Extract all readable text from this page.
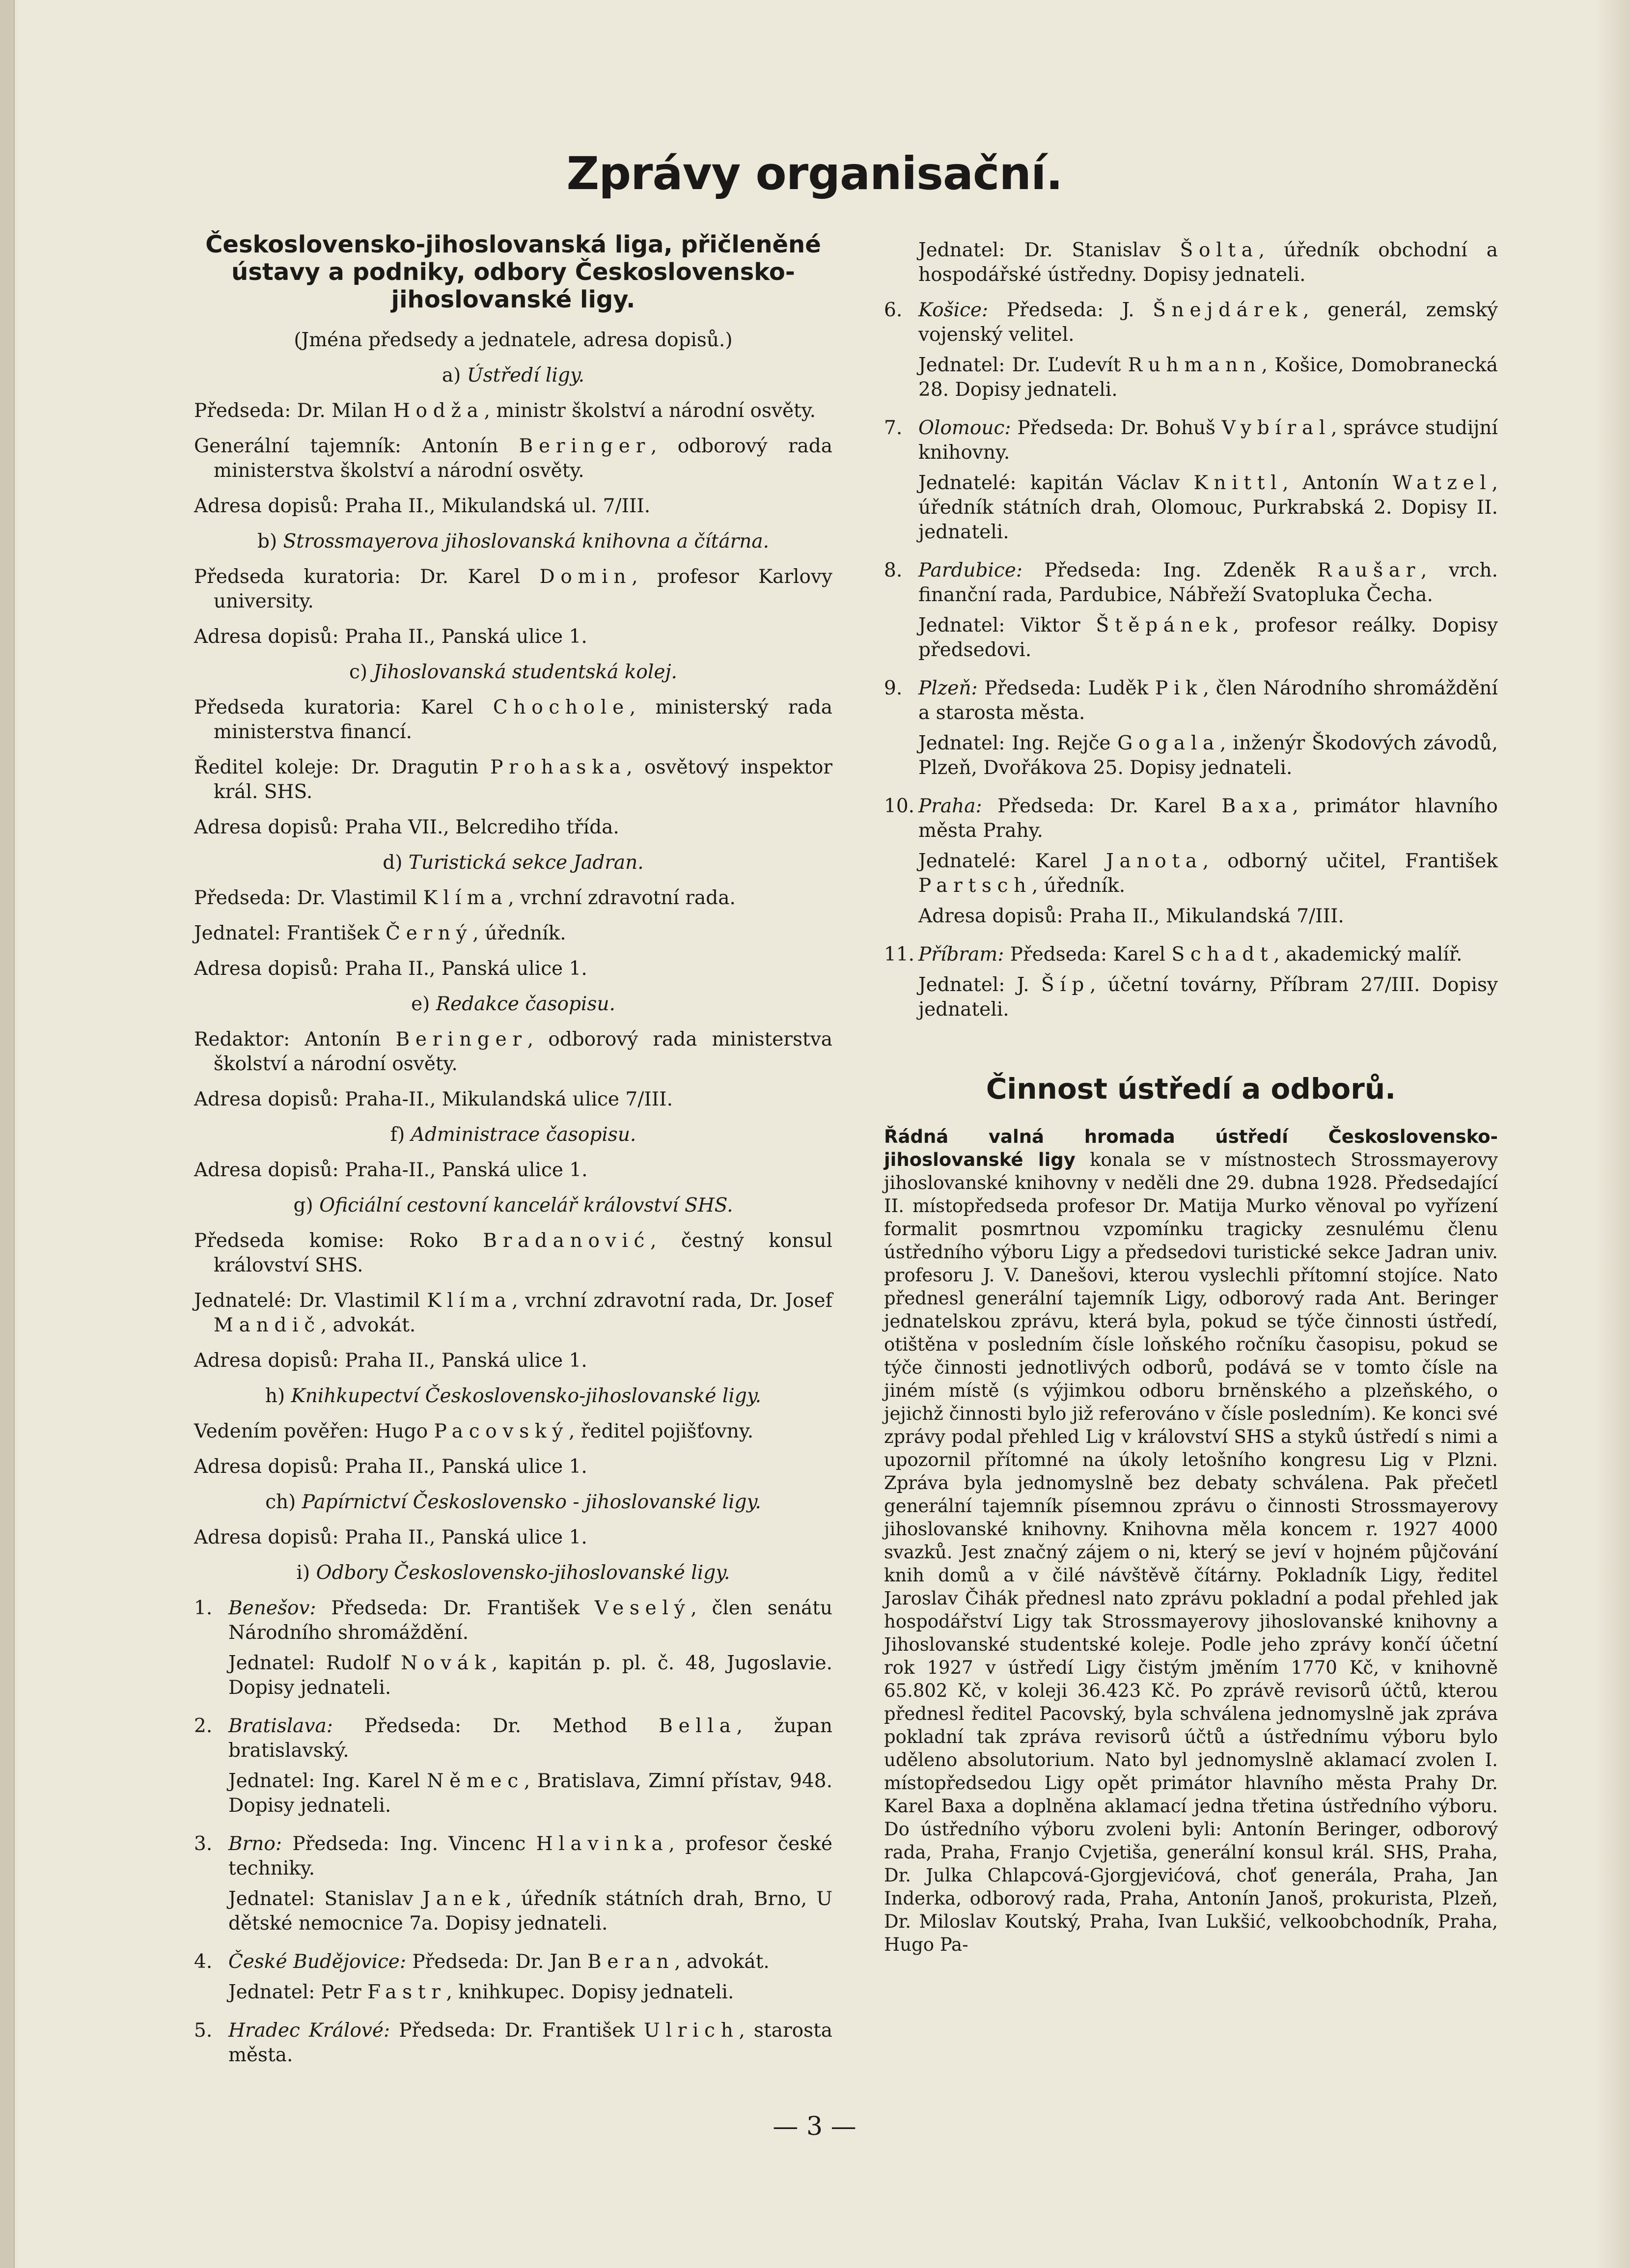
Zprávy organisační.
Československo-jihoslovanská liga, přičleněné ústavy a podniky, odbory Československo-jihoslovanské ligy.
(Jména předsedy a jednatele, adresa dopisů.)
a) Ústředí ligy.
Předseda: Dr. Milan Hodža, ministr školství a národní osvěty.
Generální tajemník: Antonín Beringer, odborový rada ministerstva školství a národní osvěty.
Adresa dopisů: Praha II., Mikulandská ul. 7/III.
b) Strossmayerova jihoslovanská knihovna a čítárna.
Předseda kuratoria: Dr. Karel Domin, profesor Karlovy university.
Adresa dopisů: Praha II., Panská ulice 1.
c) Jihoslovanská studentská kolej.
Předseda kuratoria: Karel Chochole, ministerský rada ministerstva financí.
Ředitel koleje: Dr. Dragutin Prohaska, osvětový inspektor král. SHS.
Adresa dopisů: Praha VII., Belcrediho třída.
d) Turistická sekce Jadran.
Předseda: Dr. Vlastimil Klíma, vrchní zdravotní rada.
Jednatel: František Černý, úředník.
Adresa dopisů: Praha II., Panská ulice 1.
e) Redakce časopisu.
Redaktor: Antonín Beringer, odborový rada ministerstva školství a národní osvěty.
Adresa dopisů: Praha-II., Mikulandská ulice 7/III.
f) Administrace časopisu.
Adresa dopisů: Praha-II., Panská ulice 1.
g) Oficiální cestovní kancelář království SHS.
Předseda komise: Roko Bradanović, čestný konsul království SHS.
Jednatelé: Dr. Vlastimil Klíma, vrchní zdravotní rada, Dr. Josef Mandič, advokát.
Adresa dopisů: Praha II., Panská ulice 1.
h) Knihkupectví Československo-jihoslovanské ligy.
Vedením pověřen: Hugo Pacovský, ředitel pojišťovny.
Adresa dopisů: Praha II., Panská ulice 1.
ch) Papírnictví Československo - jihoslovanské ligy.
Adresa dopisů: Praha II., Panská ulice 1.
i) Odbory Československo-jihoslovanské ligy.
1. Benešov: Předseda: Dr. František Veselý, člen senátu Národního shromáždění.
Jednatel: Rudolf Novák, kapitán p. pl. č. 48, Jugoslavie. Dopisy jednateli.
2. Bratislava: Předseda: Dr. Method Bella, župan bratislavský.
Jednatel: Ing. Karel Němec, Bratislava, Zimní přístav, 948. Dopisy jednateli.
3. Brno: Předseda: Ing. Vincenc Hlavinka, profesor české techniky.
Jednatel: Stanislav Janek, úředník státních drah, Brno, U dětské nemocnice 7a. Dopisy jednateli.
4. České Budějovice: Předseda: Dr. Jan Beran, advokát.
Jednatel: Petr Fastr, knihkupec. Dopisy jednateli.
5. Hradec Králové: Předseda: Dr. František Ulrich, starosta města.
Jednatel: Dr. Stanislav Šolta, úředník obchodní a hospodářské ústředny. Dopisy jednateli.
6. Košice: Předseda: J. Šnejdárek, generál, zemský vojenský velitel.
Jednatel: Dr. Ľudevít Ruhmann, Košice, Domobranecká 28. Dopisy jednateli.
7. Olomouc: Předseda: Dr. Bohuš Vybíral, správce studijní knihovny.
Jednatelé: kapitán Václav Knittl, Antonín Watzel, úředník státních drah, Olomouc, Purkrabská 2. Dopisy II. jednateli.
8. Pardubice: Předseda: Ing. Zdeněk Raušar, vrch. finanční rada, Pardubice, Nábřeží Svatopluka Čecha.
Jednatel: Viktor Štěpánek, profesor reálky. Dopisy předsedovi.
9. Plzeň: Předseda: Luděk Pik, člen Národního shromáždění a starosta města.
Jednatel: Ing. Rejče Gogala, inženýr Škodových závodů, Plzeň, Dvořákova 25. Dopisy jednateli.
10. Praha: Předseda: Dr. Karel Baxa, primátor hlavního města Prahy.
Jednatelé: Karel Janota, odborný učitel, František Partsch, úředník.
Adresa dopisů: Praha II., Mikulandská 7/III.
11. Příbram: Předseda: Karel Schadt, akademický malíř.
Jednatel: J. Šíp, účetní továrny, Příbram 27/III. Dopisy jednateli.
Činnost ústředí a odborů.
Řádná valná hromada ústředí Československo-jihoslovanské ligy konala se v místnostech Strossmayerovy jihoslovanské knihovny v neděli dne 29. dubna 1928. Předsedající II. místopředseda profesor Dr. Matija Murko věnoval po vyřízení formalit posmrtnou vzpomínku tragicky zesnulému členu ústředního výboru Ligy a předsedovi turistické sekce Jadran univ. profesoru J. V. Danešovi, kterou vyslechli přítomní stojíce. Nato přednesl generální tajemník Ligy, odborový rada Ant. Beringer jednatelskou zprávu, která byla, pokud se týče činnosti ústředí, otištěna v posledním čísle loňského ročníku časopisu, pokud se týče činnosti jednotlivých odborů, podává se v tomto čísle na jiném místě (s výjimkou odboru brněnského a plzeňského, o jejichž činnosti bylo již referováno v čísle posledním). Ke konci své zprávy podal přehled Lig v království SHS a styků ústředí s nimi a upozornil přítomné na úkoly letošního kongresu Lig v Plzni. Zpráva byla jednomyslně bez debaty schválena. Pak přečetl generální tajemník písemnou zprávu o činnosti Strossmayerovy jihoslovanské knihovny. Knihovna měla koncem r. 1927 4000 svazků. Jest značný zájem o ni, který se jeví v hojném půjčování knih domů a v čilé návštěvě čítárny. Pokladník Ligy, ředitel Jaroslav Čihák přednesl nato zprávu pokladní a podal přehled jak hospodářství Ligy tak Strossmayerovy jihoslovanské knihovny a Jihoslovanské studentské koleje. Podle jeho zprávy končí účetní rok 1927 v ústředí Ligy čistým jměním 1770 Kč, v knihovně 65.802 Kč, v koleji 36.423 Kč. Po zprávě revisorů účtů, kterou přednesl ředitel Pacovský, byla schválena jednomyslně jak zpráva pokladní tak zpráva revisorů účtů a ústřednímu výboru bylo uděleno absolutorium. Nato byl jednomyslně aklamací zvolen I. místopředsedou Ligy opět primátor hlavního města Prahy Dr. Karel Baxa a doplněna aklamací jedna třetina ústředního výboru. Do ústředního výboru zvoleni byli: Antonín Beringer, odborový rada, Praha, Franjo Cvjetiša, generální konsul král. SHS, Praha, Dr. Julka Chlapcová-Gjorgjevićová, choť generála, Praha, Jan Inderka, odborový rada, Praha, Antonín Janoš, prokurista, Plzeň, Dr. Miloslav Koutský, Praha, Ivan Lukšić, velkoobchodník, Praha, Hugo Pa-
— 3 —
